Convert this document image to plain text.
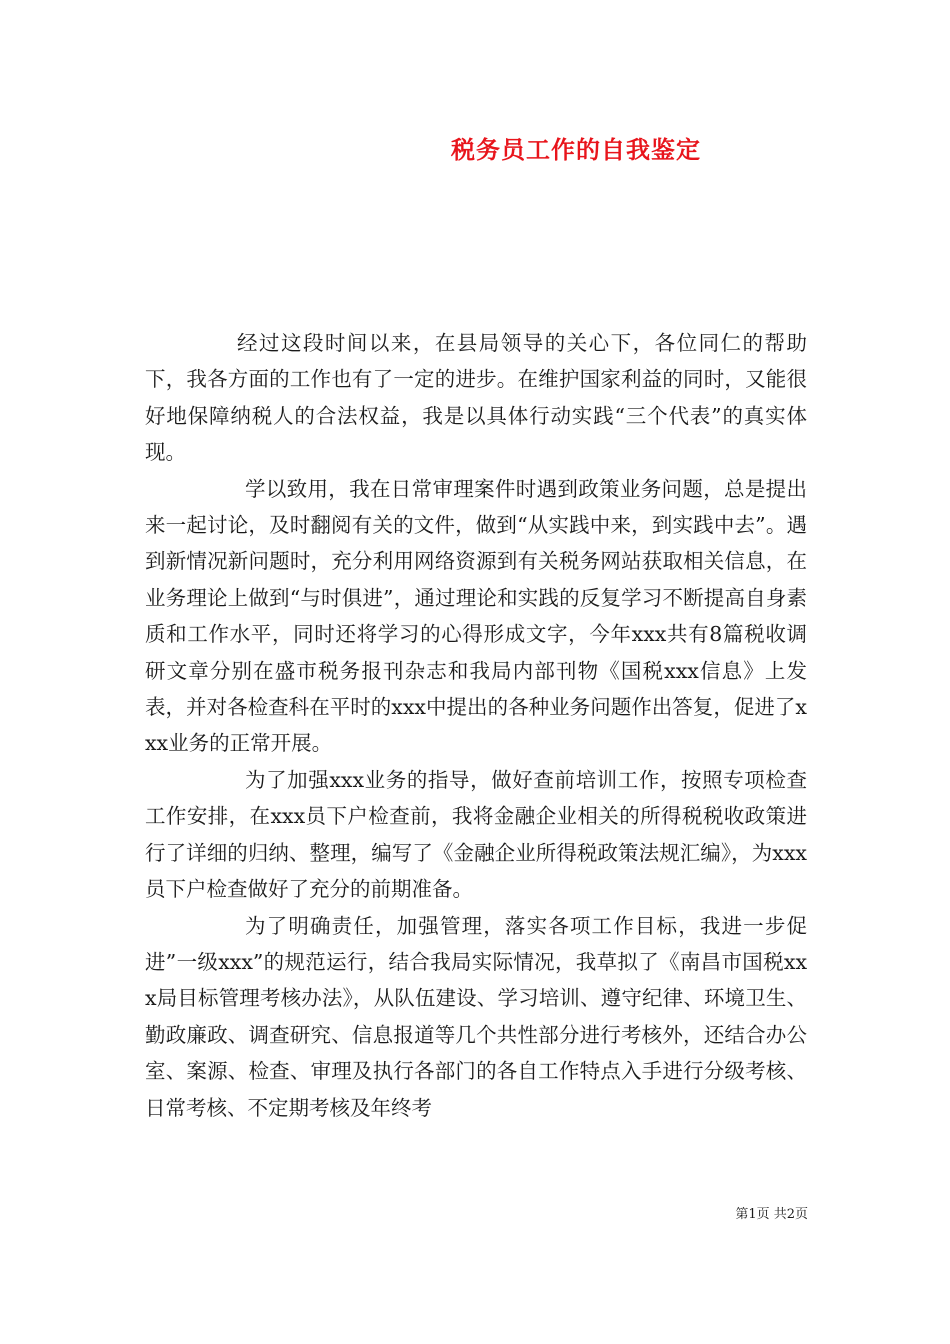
税务员工作的自我鉴定

经过这段时间以来，在县局领导的关心下，各位同仁的帮助下，我各方面的工作也有了一定的进步。在维护国家利益的同时，又能很好地保障纳税人的合法权益，我是以具体行动实践“三个代表”的真实体现。

学以致用，我在日常审理案件时遇到政策业务问题，总是提出来一起讨论，及时翻阅有关的文件，做到“从实践中来，到实践中去”。遇到新情况新问题时，充分利用网络资源到有关税务网站获取相关信息，在业务理论上做到“与时俱进”，通过理论和实践的反复学习不断提高自身素质和工作水平，同时还将学习的心得形成文字，今年xxx共有8篇税收调研文章分别在盛市税务报刊杂志和我局内部刊物《国税xxx信息》上发表，并对各检查科在平时的xxx中提出的各种业务问题作出答复，促进了xxx业务的正常开展。

为了加强xxx业务的指导，做好查前培训工作，按照专项检查工作安排，在xxx员下户检查前，我将金融企业相关的所得税税收政策进行了详细的归纳、整理，编写了《金融企业所得税政策法规汇编》，为xxx员下户检查做好了充分的前期准备。

为了明确责任，加强管理，落实各项工作目标，我进一步促进”一级xxx”的规范运行，结合我局实际情况，我草拟了《南昌市国税xxx局目标管理考核办法》，从队伍建设、学习培训、遵守纪律、环境卫生、勤政廉政、调查研究、信息报道等几个共性部分进行考核外，还结合办公室、案源、检查、审理及执行各部门的各自工作特点入手进行分级考核、日常考核、不定期考核及年终考

第1页 共2页
